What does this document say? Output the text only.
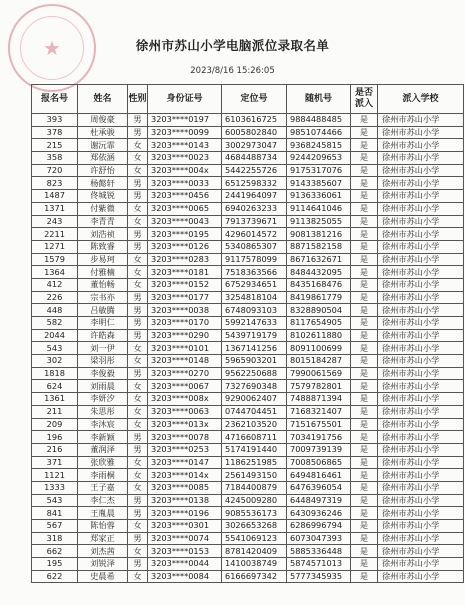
★	徐州市苏山小学电脑派位录取名单
2023/8/16 15:26:05
报名号	姓名	性别	身份证号	定位号	随机号	是否派入	派入学校
393	周俊豪	男	3203****0197	6103616725	9884488485	是	徐州市苏山小学
378	杜承骏	男	3203****0099	6005802840	9851074466	是	徐州市苏山小学
215	谢沅霏	女	3203****0143	3002973047	9368245815	是	徐州市苏山小学
358	郑依涵	女	3203****0023	4684488734	9244209653	是	徐州市苏山小学
720	许舒怡	女	3203****004x	5442255726	9175317076	是	徐州市苏山小学
823	杨懿轩	男	3203****0033	6512598332	9143385607	是	徐州市苏山小学
1487	佟城锐	男	3203****0456	2441964097	9136336061	是	徐州市苏山小学
1371	付紫微	女	3203****0065	6940263233	9114641046	是	徐州市苏山小学
243	李青青	女	3203****0043	7913739671	9113825055	是	徐州市苏山小学
2211	刘浩祯	男	3203****0195	4296014572	9081381216	是	徐州市苏山小学
1271	陈致睿	男	3203****0126	5340865307	8871582158	是	徐州市苏山小学
1579	步易珂	女	3203****0283	9117578099	8671632671	是	徐州市苏山小学
1364	付雅楠	女	3203****0181	7518363566	8484432095	是	徐州市苏山小学
412	董怡畅	女	3203****0152	6752934651	8435168476	是	徐州市苏山小学
226	宗书亦	男	3203****0177	3254818104	8419861779	是	徐州市苏山小学
448	吕敏腾	男	3203****0038	6748093103	8328890504	是	徐州市苏山小学
582	李明仁	男	3203****0170	5992147633	8117654905	是	徐州市苏山小学
2044	许皓森	男	3203****0290	5439719179	8102611880	是	徐州市苏山小学
543	刘一伊	女	3203****0101	1367141256	8091100699	是	徐州市苏山小学
302	梁羽彤	女	3203****0148	5965903201	8015184287	是	徐州市苏山小学
1818	李俊毅	男	3203****0270	9562250688	7990061569	是	徐州市苏山小学
624	刘雨晨	女	3203****0067	7327690348	7579782801	是	徐州市苏山小学
1361	李妍汐	女	3203****008x	9290062407	7488871394	是	徐州市苏山小学
211	朱思彤	女	3203****0063	0744704451	7168321407	是	徐州市苏山小学
209	李沐宸	女	3203****013x	2362103520	7151675501	是	徐州市苏山小学
196	李新颖	男	3203****0078	4716608711	7034191756	是	徐州市苏山小学
216	董润泽	男	3203****0253	5174191440	7009739139	是	徐州市苏山小学
371	张欣雅	女	3203****0147	1186251985	7008506865	是	徐州市苏山小学
1121	李雨桐	女	3203****014x	2561493150	6494816461	是	徐州市苏山小学
1333	王子嘉	女	3203****0085	7184400879	6476396054	是	徐州市苏山小学
543	李仁杰	男	3203****0138	4245009280	6448497319	是	徐州市苏山小学
841	王胤晨	男	3203****0196	9085536173	6430936246	是	徐州市苏山小学
567	陈怡蓉	女	3203****0301	3026653268	6286996794	是	徐州市苏山小学
318	郑家正	男	3203****0074	5541069123	6073047393	是	徐州市苏山小学
662	刘杰茜	女	3203****0153	8781420409	5885336448	是	徐州市苏山小学
195	刘锐泽	男	3203****0044	1410038749	5874571013	是	徐州市苏山小学
622	史晨希	女	3203****0084	6166697342	5777345935	是	徐州市苏山小学
